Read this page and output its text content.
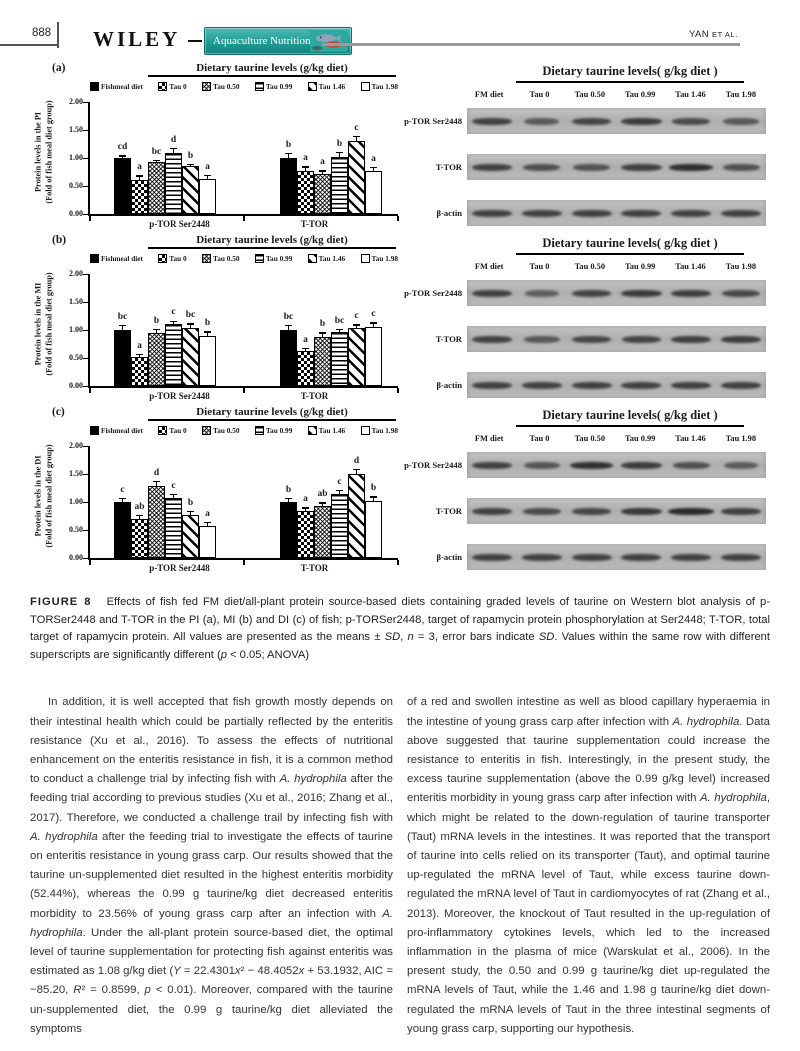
888 WILEY	Aquaculture Nutrition
YAN ET AL.
(a)	Dietary taurine levels (g/kg diet)
Fishmeal diet	Tau 0	Tau 0.50	Tau 0.99	Tau 1.46	Tau 1.98
Protein levels in the PI (Fold of fish meal diet group) 2.00
1.50
1.00
0.50
0.00
cd
a
bc
d
b
a
b
a a
b
c
a
p-TOR Ser2448	T-TOR
Dietary taurine levels( g/kg diet )
FM diet	Tau 0	Tau 0.50	Tau 0.99	Tau 1.46	Tau 1.98
p-TOR Ser2448
T-TOR
β-actin
(b)	Dietary taurine levels (g/kg diet)
Fishmeal diet	Tau 0	Tau 0.50	Tau 0.99	Tau 1.46	Tau 1.98
Protein levels in the MI (Fold of fish meal diet group) 2.00
1.50
1.00
0.50
0.00
bc
a
b
c bc
b
bc
a
b bc c c
p-TOR Ser2448	T-TOR
Dietary taurine levels( g/kg diet )
FM diet	Tau 0	Tau 0.50	Tau 0.99	Tau 1.46	Tau 1.98
p-TOR Ser2448
T-TOR
β-actin
(c)	Dietary taurine levels (g/kg diet)
Fishmeal diet	Tau 0	Tau 0.50	Tau 0.99	Tau 1.46	Tau 1.98
Protein levels in the DI (Fold of fish meal diet group) 2.00
1.50
1.00
0.50
0.00
c
ab
d
c
b
a
b
a
ab
c
d
b
p-TOR Ser2448	T-TOR
Dietary taurine levels( g/kg diet )
FM diet	Tau 0	Tau 0.50	Tau 0.99	Tau 1.46	Tau 1.98
p-TOR Ser2448
T-TOR
β-actin

FIGURE 8 Effects of fish fed FM diet/all-plant protein source-based diets containing graded levels of taurine on Western blot analysis of p-TORSer2448 and T-TOR in the PI (a), MI (b) and DI (c) of fish; p-TORSer2448, target of rapamycin protein phosphorylation at Ser2448; T-TOR, total target of rapamycin protein. All values are presented as the means ± SD, n = 3, error bars indicate SD. Values within the same row with different superscripts are significantly different (p < 0.05; ANOVA)

In addition, it is well accepted that fish growth mostly depends on their intestinal health which could be partially reflected by the enteritis resistance (Xu et al., 2016). To assess the effects of nutritional enhancement on the enteritis resistance in fish, it is a common method to conduct a challenge trial by infecting fish with A. hydrophila after the feeding trial according to previous studies (Xu et al., 2016; Zhang et al., 2017). Therefore, we conducted a challenge trail by infecting fish with A. hydrophila after the feeding trial to investigate the effects of taurine on enteritis resistance in young grass carp. Our results showed that the taurine un-supplemented diet resulted in the highest enteritis morbidity (52.44%), whereas the 0.99 g taurine/kg diet decreased enteritis morbidity to 23.56% of young grass carp after an infection with A. hydrophila. Under the all-plant protein source-based diet, the optimal level of taurine supplementation for protecting fish against enteritis was estimated as 1.08 g/kg diet (Y = 22.4301x² − 48.4052x + 53.1932, AIC = −85.20, R² = 0.8599, p < 0.01). Moreover, compared with the taurine un-supplemented diet, the 0.99 g taurine/kg diet alleviated the symptoms

of a red and swollen intestine as well as blood capillary hyperaemia in the intestine of young grass carp after infection with A. hydrophila. Data above suggested that taurine supplementation could increase the resistance to enteritis in fish. Interestingly, in the present study, the excess taurine supplementation (above the 0.99 g/kg level) increased enteritis morbidity in young grass carp after infection with A. hydrophila, which might be related to the down-regulation of taurine transporter (Taut) mRNA levels in the intestines. It was reported that the transport of taurine into cells relied on its transporter (Taut), and optimal taurine up-regulated the mRNA level of Taut, while excess taurine down-regulated the mRNA level of Taut in cardiomyocytes of rat (Zhang et al., 2013). Moreover, the knockout of Taut resulted in the up-regulation of pro-inflammatory cytokines levels, which led to the increased inflammation in the plasma of mice (Warskulat et al., 2006). In the present study, the 0.50 and 0.99 g taurine/kg diet up-regulated the mRNA levels of Taut, while the 1.46 and 1.98 g taurine/kg diet down-regulated the mRNA levels of Taut in the three intestinal segments of young grass carp, supporting our hypothesis.
